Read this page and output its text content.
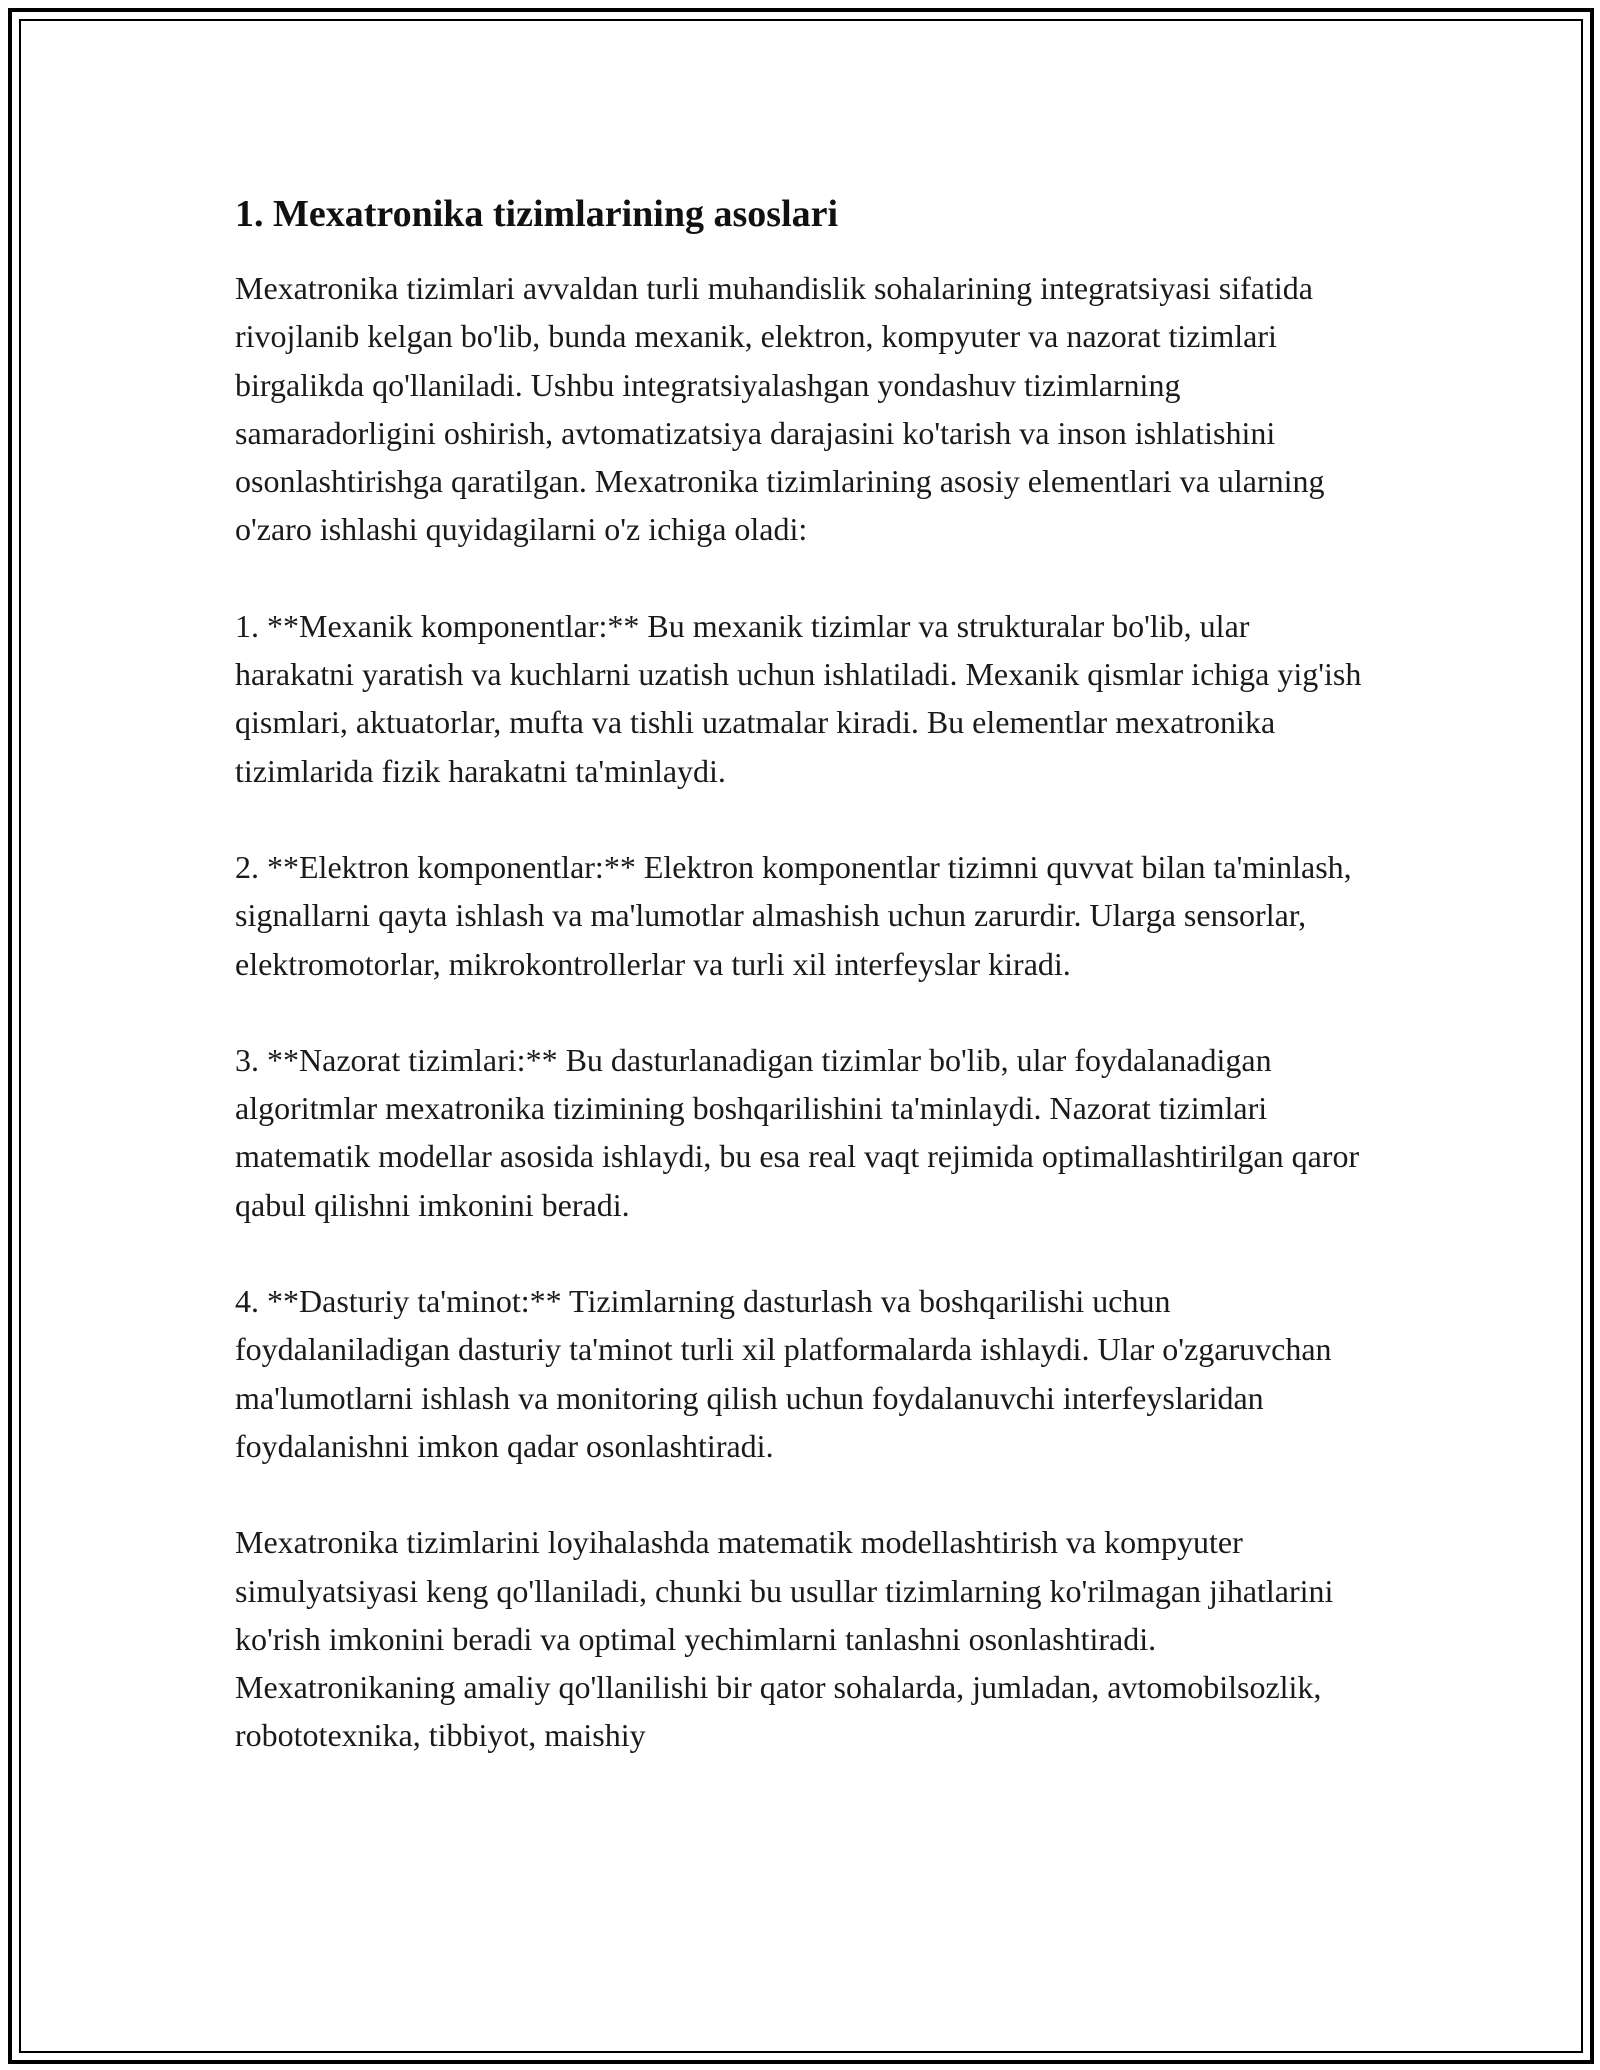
1. Mexatronika tizimlarining asoslari

Mexatronika tizimlari avvaldan turli muhandislik sohalarining integratsiyasi sifatida rivojlanib kelgan bo'lib, bunda mexanik, elektron, kompyuter va nazorat tizimlari birgalikda qo'llaniladi. Ushbu integratsiyalashgan yondashuv tizimlarning samaradorligini oshirish, avtomatizatsiya darajasini ko'tarish va inson ishlatishini osonlashtirishga qaratilgan. Mexatronika tizimlarining asosiy elementlari va ularning o'zaro ishlashi quyidagilarni o'z ichiga oladi:

1. **Mexanik komponentlar:** Bu mexanik tizimlar va strukturalar bo'lib, ular harakatni yaratish va kuchlarni uzatish uchun ishlatiladi. Mexanik qismlar ichiga yig'ish qismlari, aktuatorlar, mufta va tishli uzatmalar kiradi. Bu elementlar mexatronika tizimlarida fizik harakatni ta'minlaydi.

2. **Elektron komponentlar:** Elektron komponentlar tizimni quvvat bilan ta'minlash, signallarni qayta ishlash va ma'lumotlar almashish uchun zarurdir. Ularga sensorlar, elektromotorlar, mikrokontrollerlar va turli xil interfeyslar kiradi.

3. **Nazorat tizimlari:** Bu dasturlanadigan tizimlar bo'lib, ular foydalanadigan algoritmlar mexatronika tizimining boshqarilishini ta'minlaydi. Nazorat tizimlari matematik modellar asosida ishlaydi, bu esa real vaqt rejimida optimallashtirilgan qaror qabul qilishni imkonini beradi.

4. **Dasturiy ta'minot:** Tizimlarning dasturlash va boshqarilishi uchun foydalaniladigan dasturiy ta'minot turli xil platformalarda ishlaydi. Ular o'zgaruvchan ma'lumotlarni ishlash va monitoring qilish uchun foydalanuvchi interfeyslaridan foydalanishni imkon qadar osonlashtiradi.

Mexatronika tizimlarini loyihalashda matematik modellashtirish va kompyuter simulyatsiyasi keng qo'llaniladi, chunki bu usullar tizimlarning ko'rilmagan jihatlarini ko'rish imkonini beradi va optimal yechimlarni tanlashni osonlashtiradi. Mexatronikaning amaliy qo'llanilishi bir qator sohalarda, jumladan, avtomobilsozlik, robototexnika, tibbiyot, maishiy
